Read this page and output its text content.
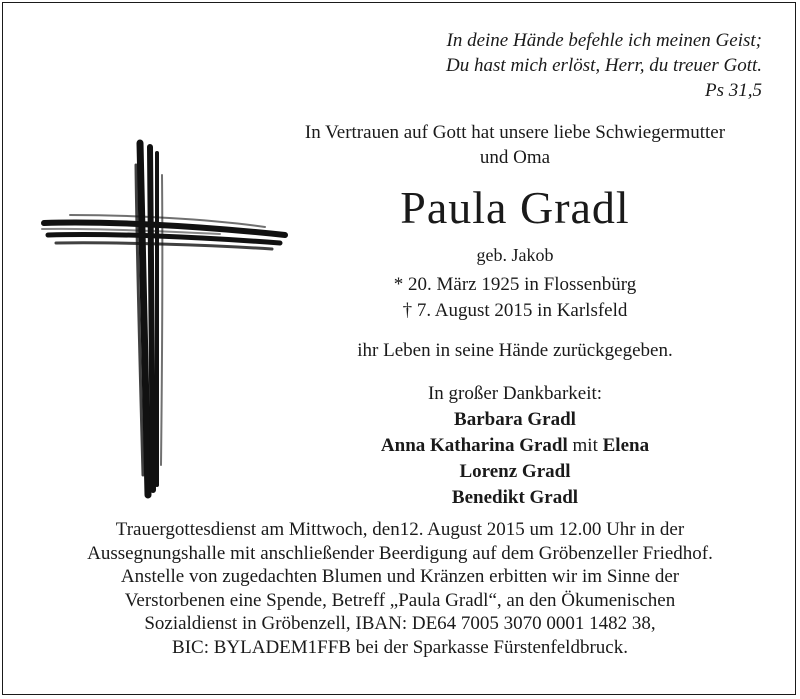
In deine Hände befehle ich meinen Geist;
Du hast mich erlöst, Herr, du treuer Gott.
Ps 31,5
In Vertrauen auf Gott hat unsere liebe Schwiegermutter
und Oma
Paula Gradl
geb. Jakob
* 20. März 1925 in Flossenbürg
† 7. August 2015 in Karlsfeld
ihr Leben in seine Hände zurückgegeben.
In großer Dankbarkeit:
Barbara Gradl
Anna Katharina Gradl mit Elena
Lorenz Gradl
Benedikt Gradl
Trauergottesdienst am Mittwoch, den12. August 2015 um 12.00 Uhr in der
Aussegnungshalle mit anschließender Beerdigung auf dem Gröbenzeller Friedhof.
Anstelle von zugedachten Blumen und Kränzen erbitten wir im Sinne der
Verstorbenen eine Spende, Betreff „Paula Gradl“, an den Ökumenischen
Sozialdienst in Gröbenzell, IBAN: DE64 7005 3070 0001 1482 38,
BIC: BYLADEM1FFB bei der Sparkasse Fürstenfeldbruck.
